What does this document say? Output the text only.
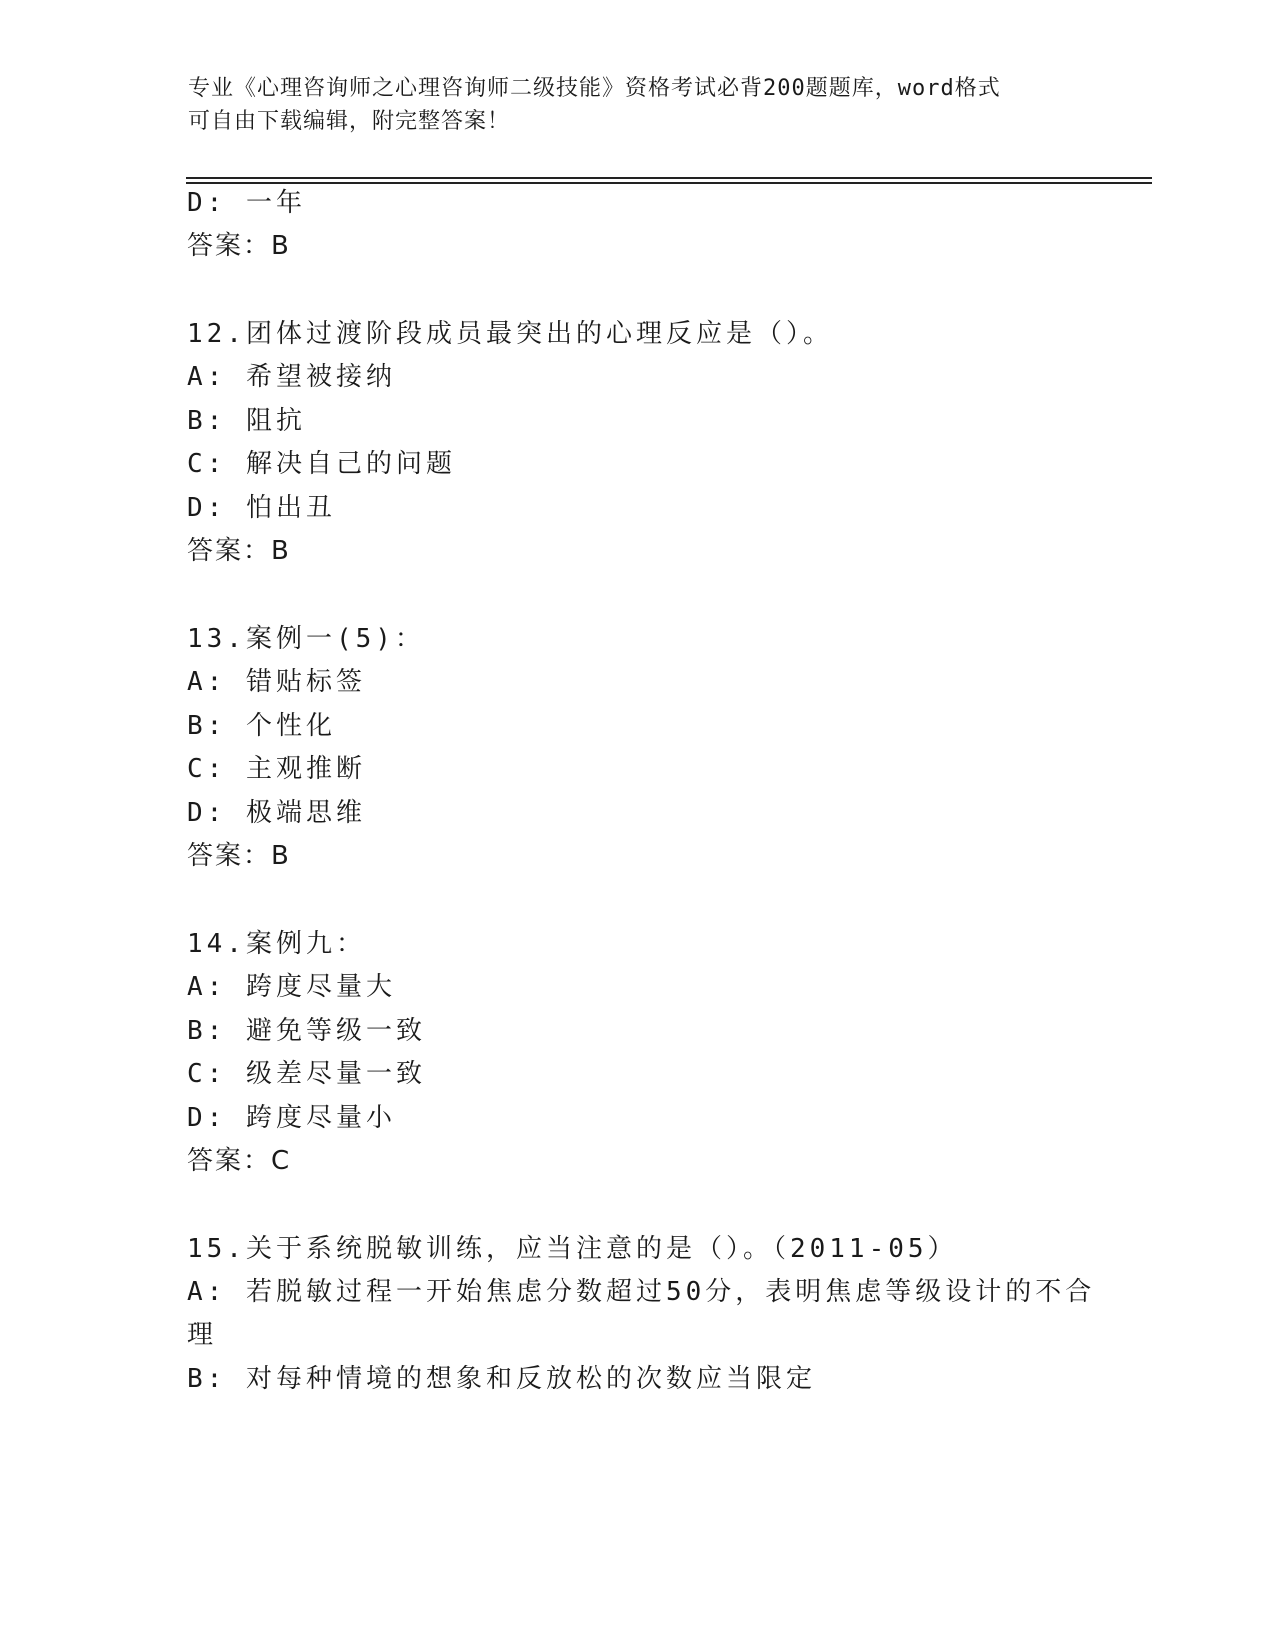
专业《心理咨询师之心理咨询师二级技能》资格考试必背200题题库，word格式
可自由下载编辑，附完整答案！
D: 一年
答案：B
12.团体过渡阶段成员最突出的心理反应是（）。
A: 希望被接纳
B: 阻抗
C: 解决自己的问题
D: 怕出丑
答案：B
13.案例一(5)：
A: 错贴标签
B: 个性化
C: 主观推断
D: 极端思维
答案：B
14.案例九：
A: 跨度尽量大
B: 避免等级一致
C: 级差尽量一致
D: 跨度尽量小
答案：C
15.关于系统脱敏训练，应当注意的是（）。（2011-05）
A: 若脱敏过程一开始焦虑分数超过50分，表明焦虑等级设计的不合
理
B: 对每种情境的想象和反放松的次数应当限定
